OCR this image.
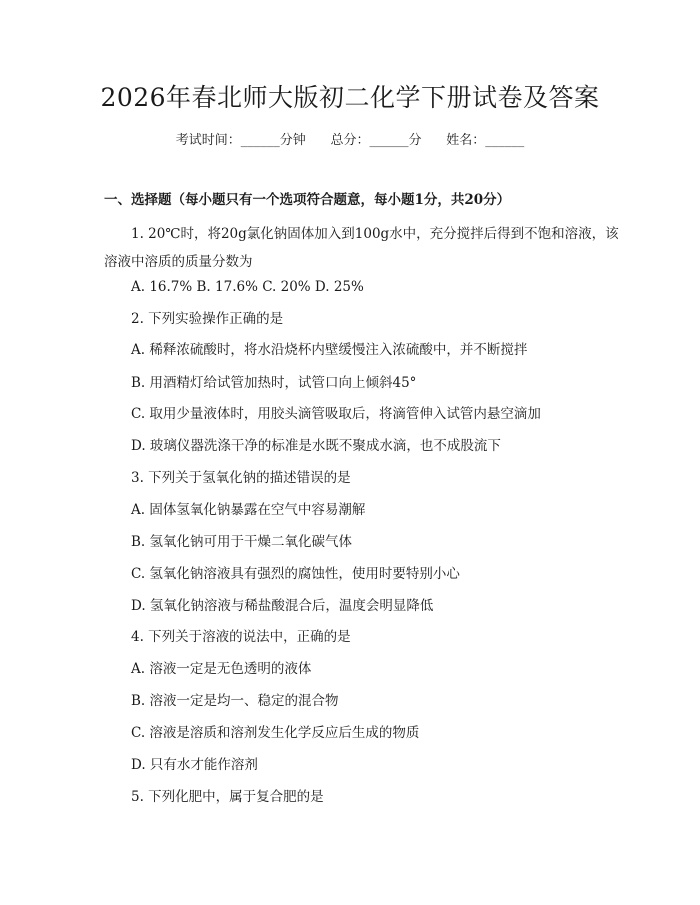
2026年春北师大版初二化学下册试卷及答案
考试时间：______分钟      总分：______分      姓名：______
一、选择题（每小题只有一个选项符合题意，每小题1分，共20分）
1. 20℃时，将20g氯化钠固体加入到100g水中，充分搅拌后得到不饱和溶液，该溶液中溶质的质量分数为
A. 16.7% B. 17.6% C. 20% D. 25%
2. 下列实验操作正确的是
A. 稀释浓硫酸时，将水沿烧杯内壁缓慢注入浓硫酸中，并不断搅拌
B. 用酒精灯给试管加热时，试管口向上倾斜45°
C. 取用少量液体时，用胶头滴管吸取后，将滴管伸入试管内悬空滴加
D. 玻璃仪器洗涤干净的标准是水既不聚成水滴，也不成股流下
3. 下列关于氢氧化钠的描述错误的是
A. 固体氢氧化钠暴露在空气中容易潮解
B. 氢氧化钠可用于干燥二氧化碳气体
C. 氢氧化钠溶液具有强烈的腐蚀性，使用时要特别小心
D. 氢氧化钠溶液与稀盐酸混合后，温度会明显降低
4. 下列关于溶液的说法中，正确的是
A. 溶液一定是无色透明的液体
B. 溶液一定是均一、稳定的混合物
C. 溶液是溶质和溶剂发生化学反应后生成的物质
D. 只有水才能作溶剂
5. 下列化肥中，属于复合肥的是
